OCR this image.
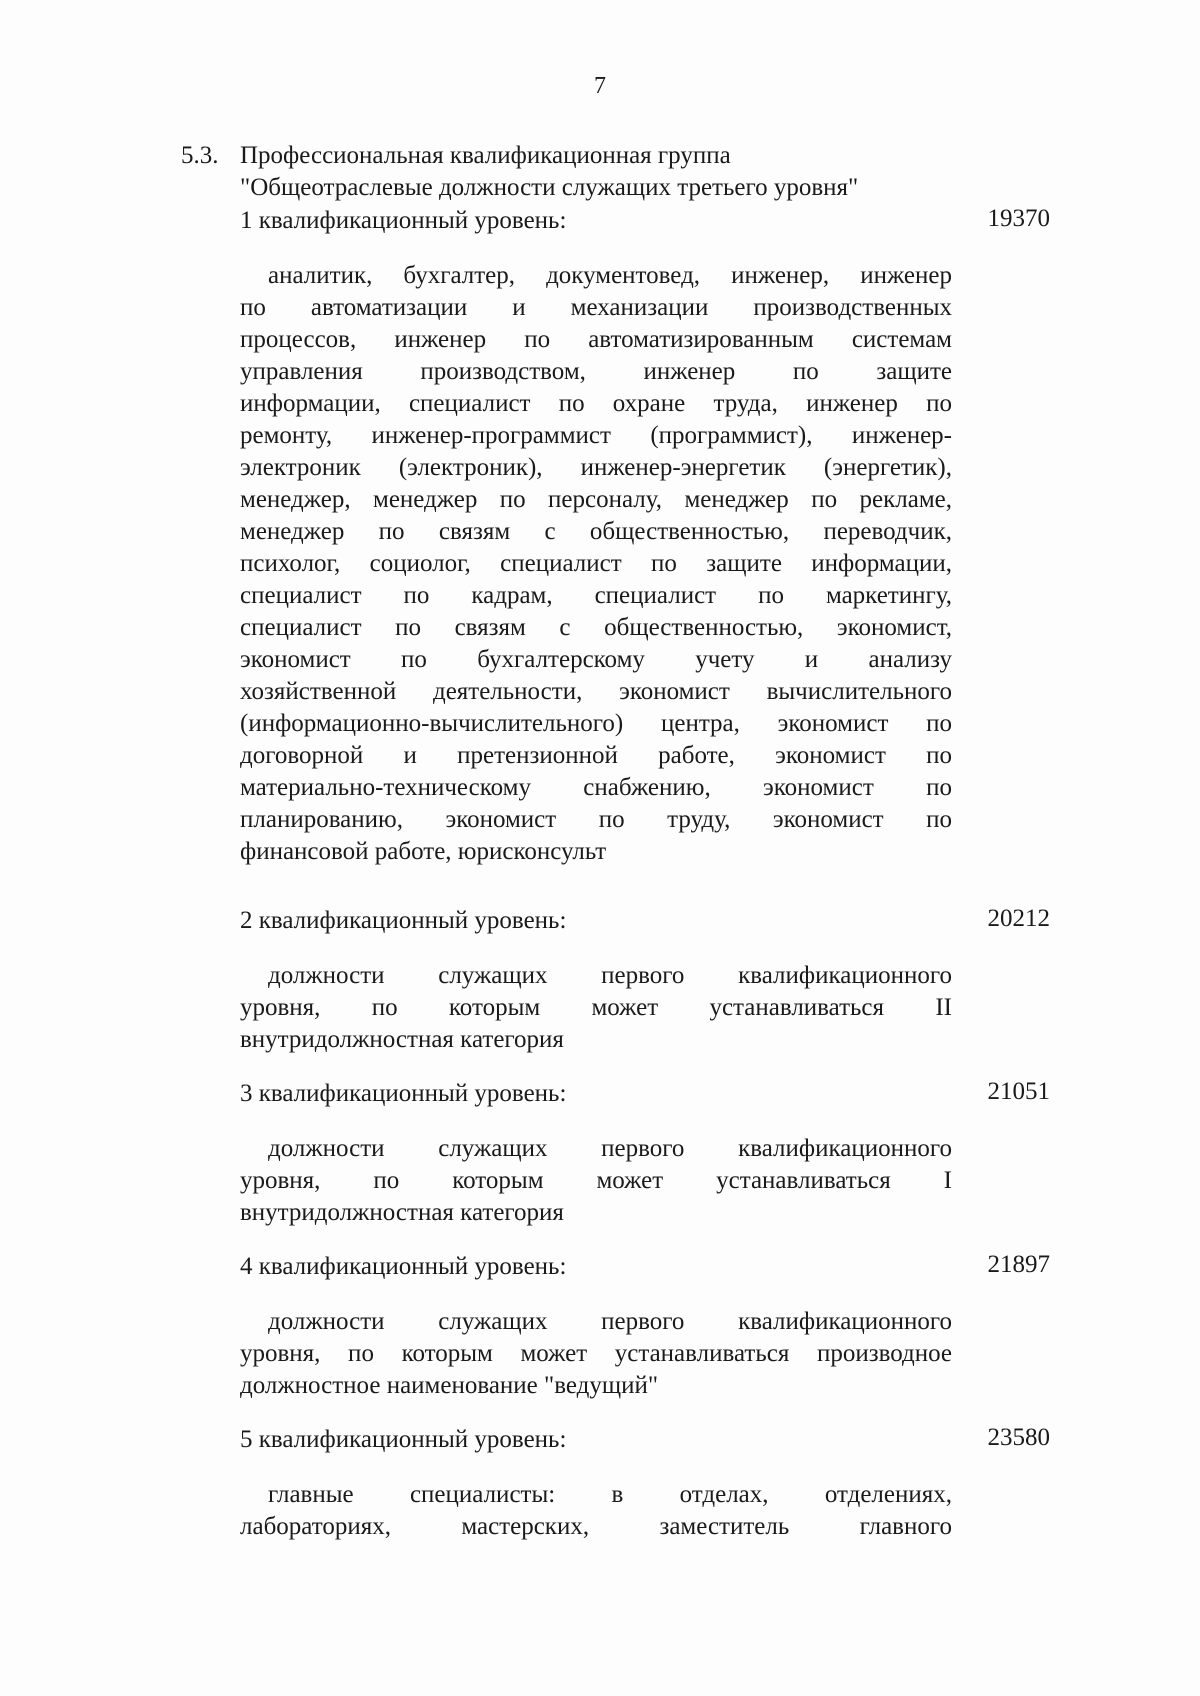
7
5.3. Профессиональная квалификационная группа
"Общеотраслевые должности служащих третьего уровня"
1 квалификационный уровень:	19370
аналитик, бухгалтер, документовед, инженер, инженер
по автоматизации и механизации производственных
процессов, инженер по автоматизированным системам
управления производством, инженер по защите
информации, специалист по охране труда, инженер по
ремонту, инженер-программист (программист), инженер-
электроник (электроник), инженер-энергетик (энергетик),
менеджер, менеджер по персоналу, менеджер по рекламе,
менеджер по связям с общественностью, переводчик,
психолог, социолог, специалист по защите информации,
специалист по кадрам, специалист по маркетингу,
специалист по связям с общественностью, экономист,
экономист по бухгалтерскому учету и анализу
хозяйственной деятельности, экономист вычислительного
(информационно-вычислительного) центра, экономист по
договорной и претензионной работе, экономист по
материально-техническому снабжению, экономист по
планированию, экономист по труду, экономист по
финансовой работе, юрисконсульт
2 квалификационный уровень:	20212
должности служащих первого квалификационного
уровня, по которым может устанавливаться II
внутридолжностная категория
3 квалификационный уровень:	21051
должности служащих первого квалификационного
уровня, по которым может устанавливаться I
внутридолжностная категория
4 квалификационный уровень:	21897
должности служащих первого квалификационного
уровня, по которым может устанавливаться производное
должностное наименование "ведущий"
5 квалификационный уровень:	23580
главные специалисты: в отделах, отделениях,
лабораториях, мастерских, заместитель главного
